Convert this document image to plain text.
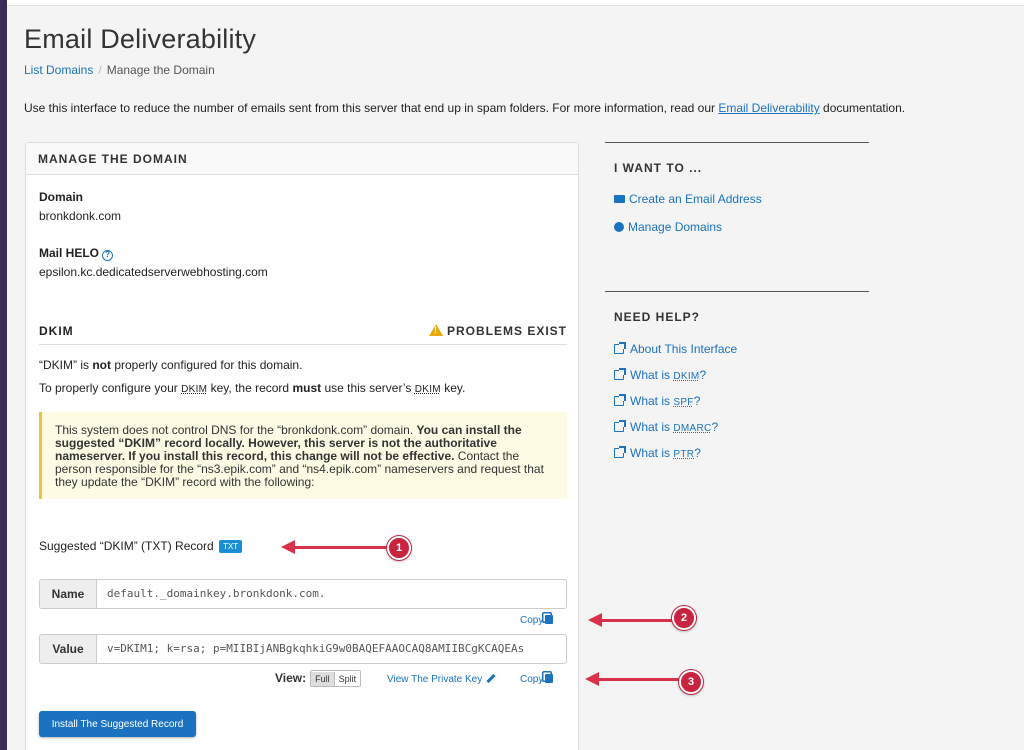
Email Deliverability
List Domains / Manage the Domain

Use this interface to reduce the number of emails sent from this server that end up in spam folders. For more information, read our Email Deliverability documentation.

MANAGE THE DOMAIN
Domain
bronkdonk.com
Mail HELO ?
epsilon.kc.dedicatedserverwebhosting.com
DKIM
!	PROBLEMS EXIST
“DKIM” is not properly configured for this domain.
To properly configure your DKIM key, the record must use this server’s DKIM key.
This system does not control DNS for the “bronkdonk.com” domain. You can install the suggested “DKIM” record locally. However, this server is not the authoritative nameserver. If you install this record, this change will not be effective. Contact the person responsible for the “ns3.epik.com” and “ns4.epik.com” nameservers and request that they update the “DKIM” record with the following:
Suggested “DKIM” (TXT) Record TXT
Name	default._domainkey.bronkdonk.com.
Copy
Value	v=DKIM1; k=rsa; p=MIIBIjANBgkqhkiG9w0BAQEFAAOCAQ8AMIIBCgKCAQEAs
View: Full Split	View The Private Key	Copy
Install The Suggested Record
I WANT TO ...
Create an Email Address
Manage Domains
NEED HELP?
About This Interface
What is DKIM?
What is SPF?
What is DMARC?
What is PTR?
1
2
3
